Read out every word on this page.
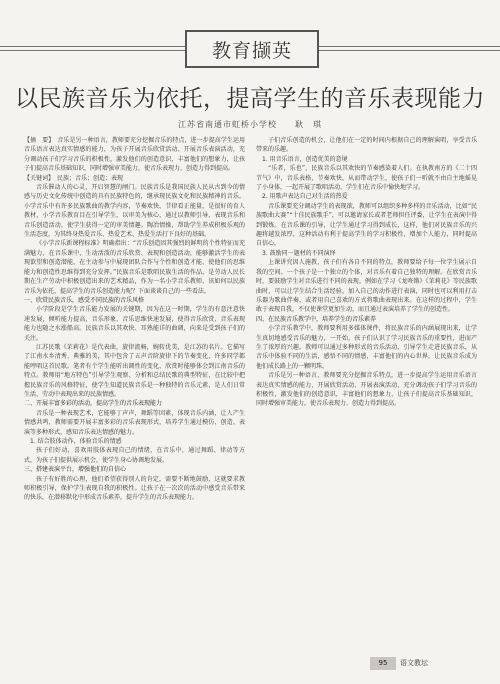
教育撷英
以民族音乐为依托，提高学生的音乐表现能力
江苏省南通市虹桥小学校　　耿　琪

【摘　要】　音乐是另一种语言，教师要充分挖掘音乐的特点，进一步提高学生运用音乐语言表达真实情感的能力，为孩子开展音乐欣赏活动、开展音乐表演活动，充分调动孩子们学习音乐的积极性，激发他们的创造意识，丰富他们的想象力，让孩子们提高音乐基础知识，同时增强审美能力，使音乐表现力、创造力得到提高。

【关键词】　民族；音乐；创造；表现

音乐催动人的心灵，开启智慧的闸门。民族音乐是我国民族人民从古到今的情感与历史文化传统中创造的具有民族特色的，继承现民族文化和民族精神的音乐。小学音乐中有许多民族歌曲的教学内容，节奏欢快，节律看正能量，是很好的育人教材，小学音乐教育目在引导学生，以审美为核心，通过以教师引导，表现音乐和音乐创造活动，使学生获得一定的审美情趣。陶冶情操，帮助学生养成积极乐观的生活态度，为其终身热爱音乐、热爱艺术、热爱生活打下良好的基础。

《小学音乐新课程标准》明确指出：“音乐创造因其强烈的鲜明的个性特征而充满魅力，在音乐课中，生动活泼的音乐欣赏、表现和创造活动，能够激活学生的表现欲望和创造潜能，在主动参与中展现团队合作与个性和创造才能，使他们的思维能力和创造性思维得到充分发挥。”民族音乐是歌唱民族生活的作品，是劳动人民长期在生产劳动中积极创造出来的艺术精品，作为一名小学音乐教师，该如何以民族音乐为依托，提高学生的音乐创造能力呢？下面谈谈自己的一些看法。

一、欣赏民族音乐，感受不同民族的音乐风格

小学阶段是学生音乐能力发展的关键期，因为在这一时期，学生的有意注意快速发展，倾听能力提高，音乐形象、音乐思维快速发展，使得音乐欣赏、音乐表现能力也随之水涨船高。民族音乐以其欢快、耳熟能详的曲调，向来是受到孩子们的关注。

江苏民歌《茉莉花》是代表曲，旋律流畅，婉转优美，是江苏的名片。它描写了江南水乡清秀、典雅的美，其中包含了五声音阶旋律下的节奏变化，许多同学都能哼唱这首民歌。笔者有个学生能听出调性的变化，欣赏时能够体会到江南音乐的特点。教师用“地方特色”引导学生观察、分析和总结民歌的典型特征，在比较中把握民族音乐的风格特征，使学生知道民族音乐是一种独特的音乐元素，是人们日常生活、劳动中表现出来的民族情感。

二、开展丰富多彩的活动，提高学生的音乐表现能力

音乐是一种表现艺术，它能够丁声声，舞蹈等因素，体现音乐内涵，让人产生情感共鸣，教师需要开展丰富多彩的音乐表现形式，培养学生通过模仿、创造、表演等多种形式，感知音乐表达情感的魅力。

1. 结合肢体动作，体验音乐的情感

孩子们好动，喜欢用肢体表现自己的情绪，在音乐中，通过舞蹈、律动等方式，为孩子们提供展示机会，使学生身心协调地发展。

三、搭建表演平台，增强他们的自信心

孩子有好胜的心理，他们希望获得别人的肯定，需要不断地鼓励，这就要求教师积极引导，保护学生表现自我的积极性。让孩子在一次次的活动中感受音乐带来的快乐，在潜移默化中形成音乐素养，提升学生的音乐表现能力。

子们音乐创造的机会，让他们在一定的时间内根据自己的理解演唱，享受音乐带来的乐趣。

1. 用音乐语言，创造优美的意境

“乐者，乐也”，民族音乐以其欢快的节奏感染着人们。在执教南方的《二十四节气》中，音乐表格，节奏欢快，从而带动学生，使孩子们一听就不由自主地摇晃了小身体，一起开展了歌唱活动，学生们在音乐中愉快地学习。

2. 用歌声表达自己对生活的热爱

音乐课要充分调动学生的表现欲，教师可以组织多种多样的音乐活动，比如“民族歌曲大赛”“十佳民族歌手”，可以邀请家长或者老师担任评委，让学生在表演中得到锻炼。在音乐课的引导，让学生通过学习得到成长，这样，他们对民族音乐的兴趣将越发浓厚，这种活动有利于提高学生的学习积极性，增加个人能力，同时提高自信心。

3. 鼓励同一题材的不同演绎

上课讲究因人施教，孩子们有各自不同的特点，教师要给予每一位学生展示自我的空间。一个孩子是一个独立的个体，对音乐有着自己独特的理解。在欣赏音乐时，要鼓励学生对音乐进行不同的表现，例如在学习《龙咚锵》《茉莉花》等民族歌曲时，可以让学生结合生活经验，加入自己的动作进行表演，同时也可以利用打击乐器为歌曲伴奏，或者用自己喜欢的方式将歌曲表现出来。在这样的过程中，学生敢于表现自我，不仅使课堂更加生动，而且通过表演培养了学生的创造性。

四、在民族音乐教学中，培养学生的音乐素养

小学音乐教学中，教师要利用多媒体课件，将民族音乐的内涵展现出来，让学生真切地感受音乐的魅力，一开始，孩子们认识了学习民族音乐的重要性，进而产生了浓厚的兴趣。教师可以通过多种形式的音乐活动，引导学生走进民族音乐，从音乐中体验不同的生活，感悟不同的情感，丰富他们的内心世界，让民族音乐成为他们成长路上的一颗明珠。

音乐是另一种语言，教师要充分挖掘音乐特点，进一步提高学生运用音乐语言表达真实情感的能力，开展欣赏活动、开展表演活动，充分调动孩子们学习音乐的积极性，激发他们的创造意识，丰富他们的想象力，让孩子们提高音乐基础知识，同时增强审美能力，使音乐表现力、创造力得到提高。

95	语文教坛
